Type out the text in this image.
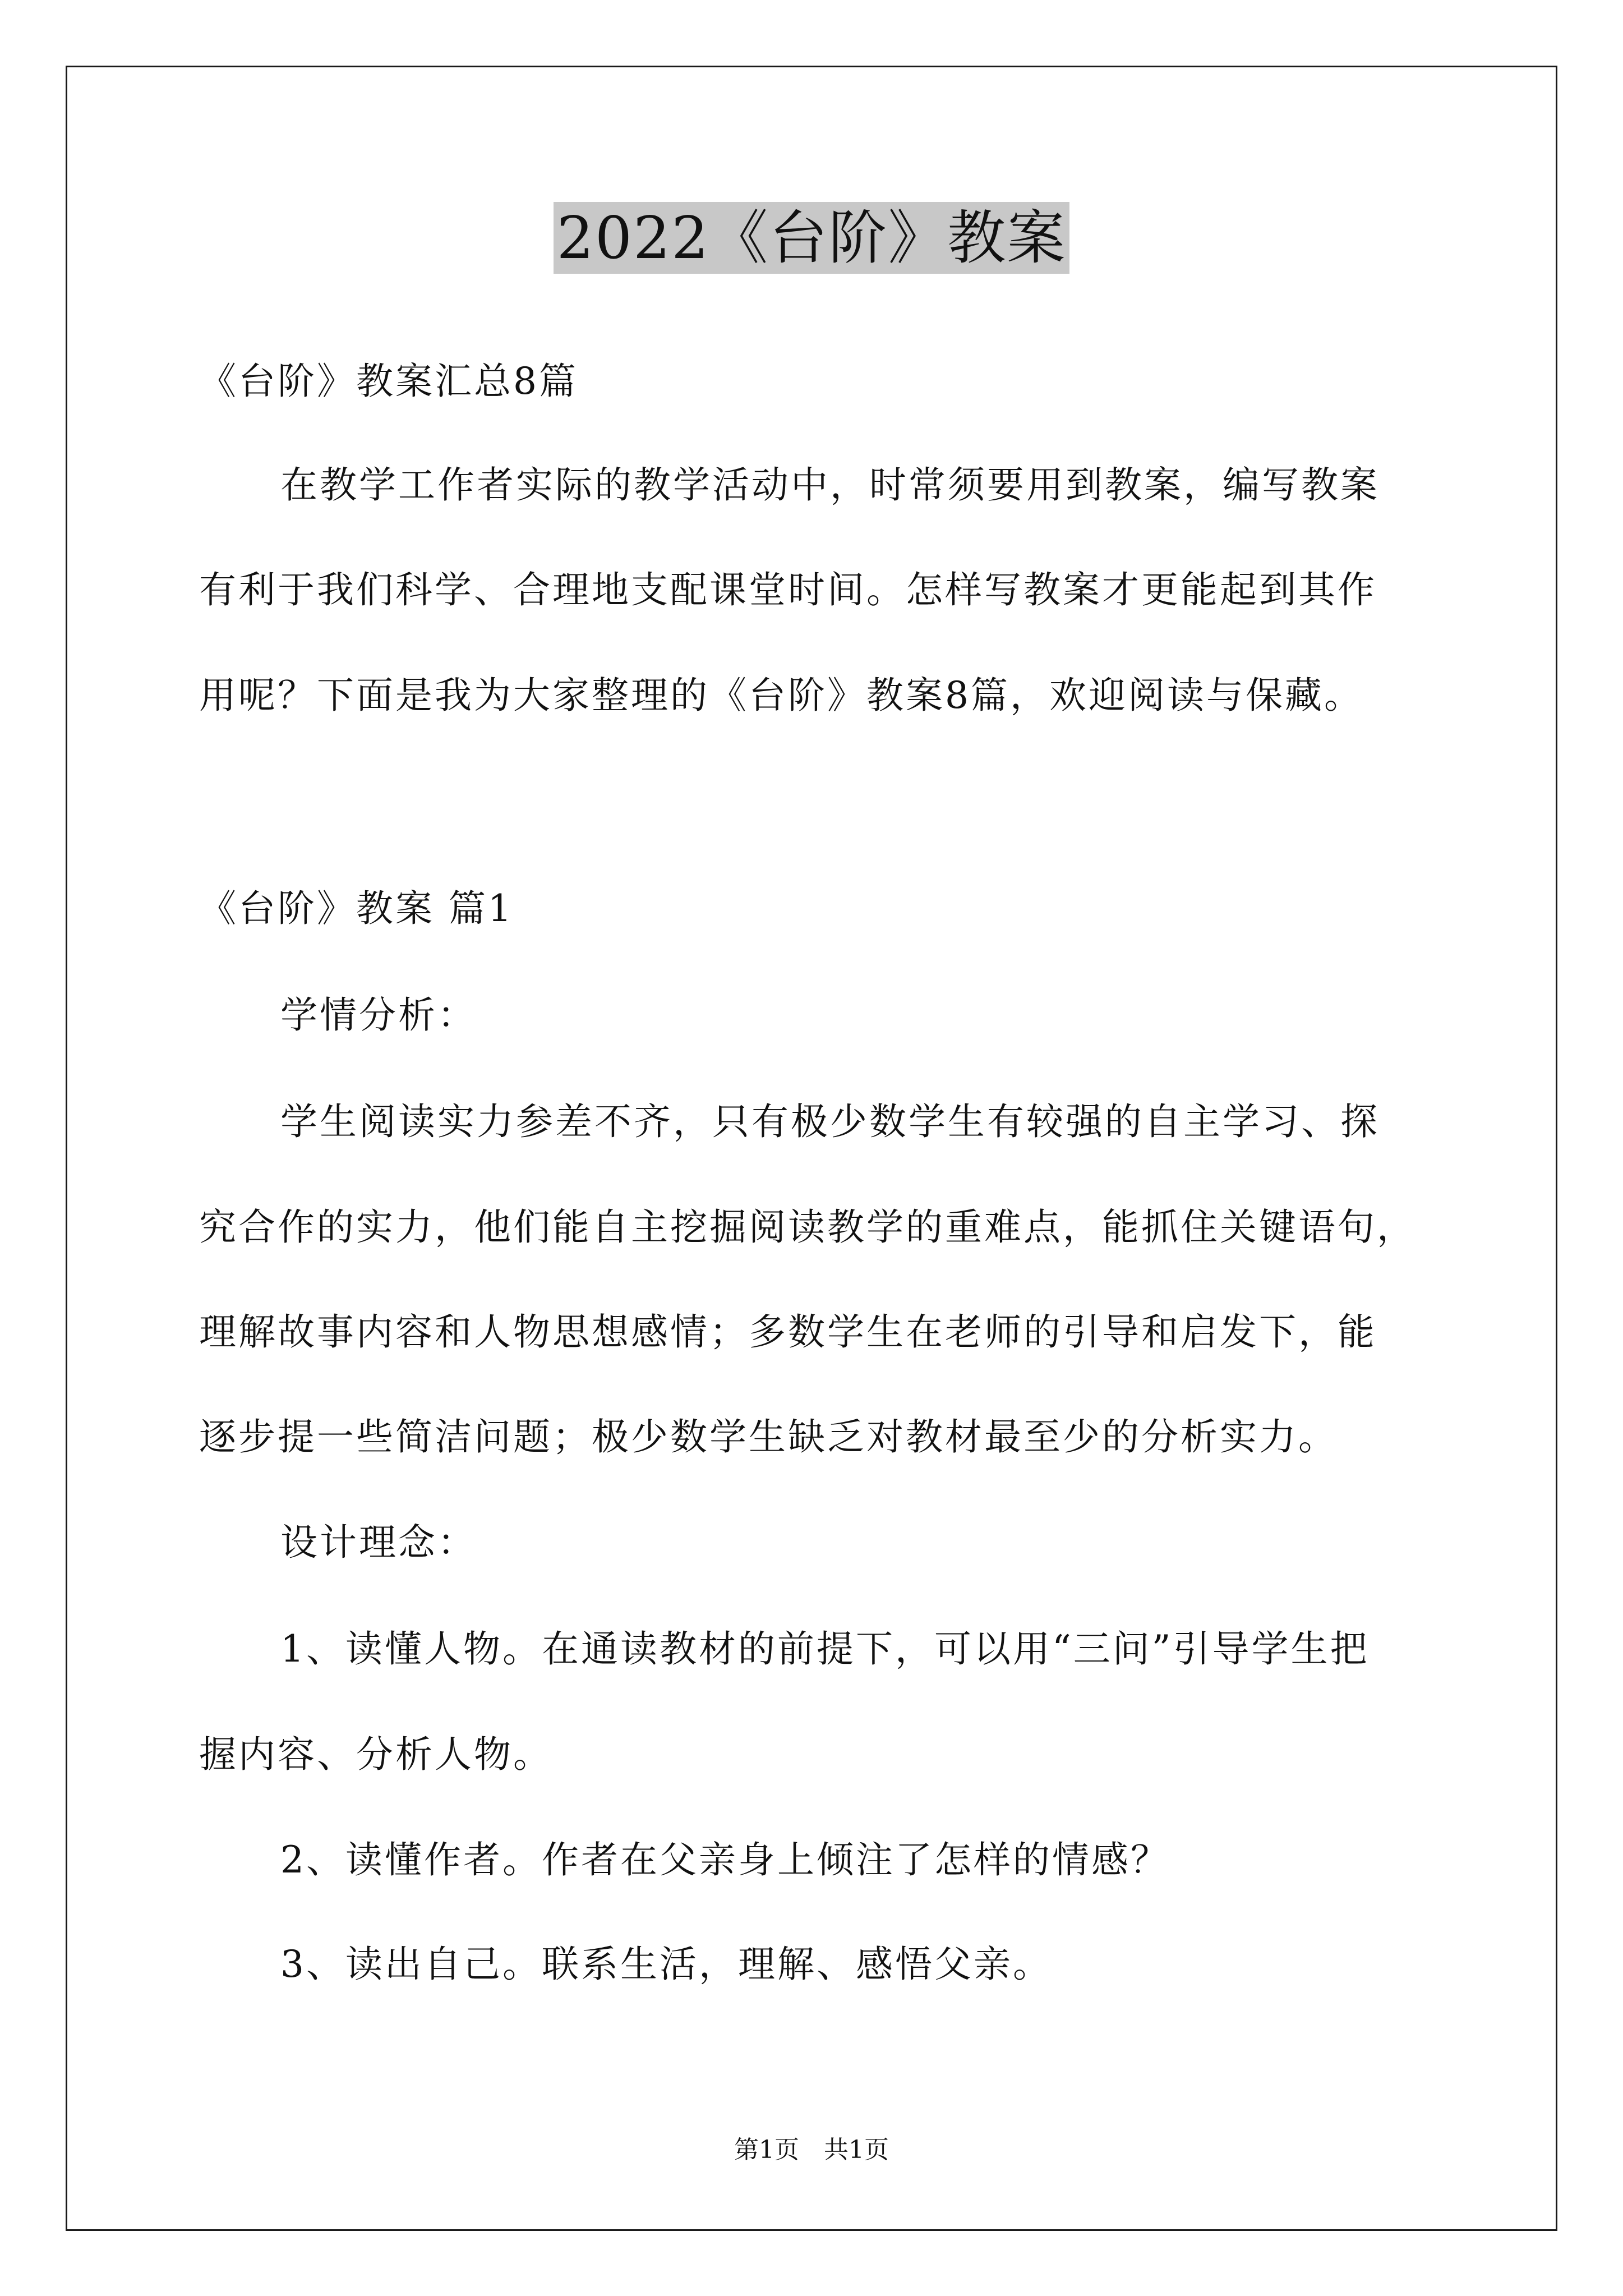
2022《台阶》教案
《台阶》教案汇总8篇
在教学工作者实际的教学活动中，时常须要用到教案，编写教案
有利于我们科学、合理地支配课堂时间。怎样写教案才更能起到其作
用呢？下面是我为大家整理的《台阶》教案8篇，欢迎阅读与保藏。
《台阶》教案 篇1
学情分析：
学生阅读实力参差不齐，只有极少数学生有较强的自主学习、探
究合作的实力，他们能自主挖掘阅读教学的重难点，能抓住关键语句，
理解故事内容和人物思想感情；多数学生在老师的引导和启发下，能
逐步提一些简洁问题；极少数学生缺乏对教材最至少的分析实力。
设计理念：
1、读懂人物。在通读教材的前提下，可以用“三问”引导学生把
握内容、分析人物。
2、读懂作者。作者在父亲身上倾注了怎样的情感？
3、读出自己。联系生活，理解、感悟父亲。
第1页　共1页
